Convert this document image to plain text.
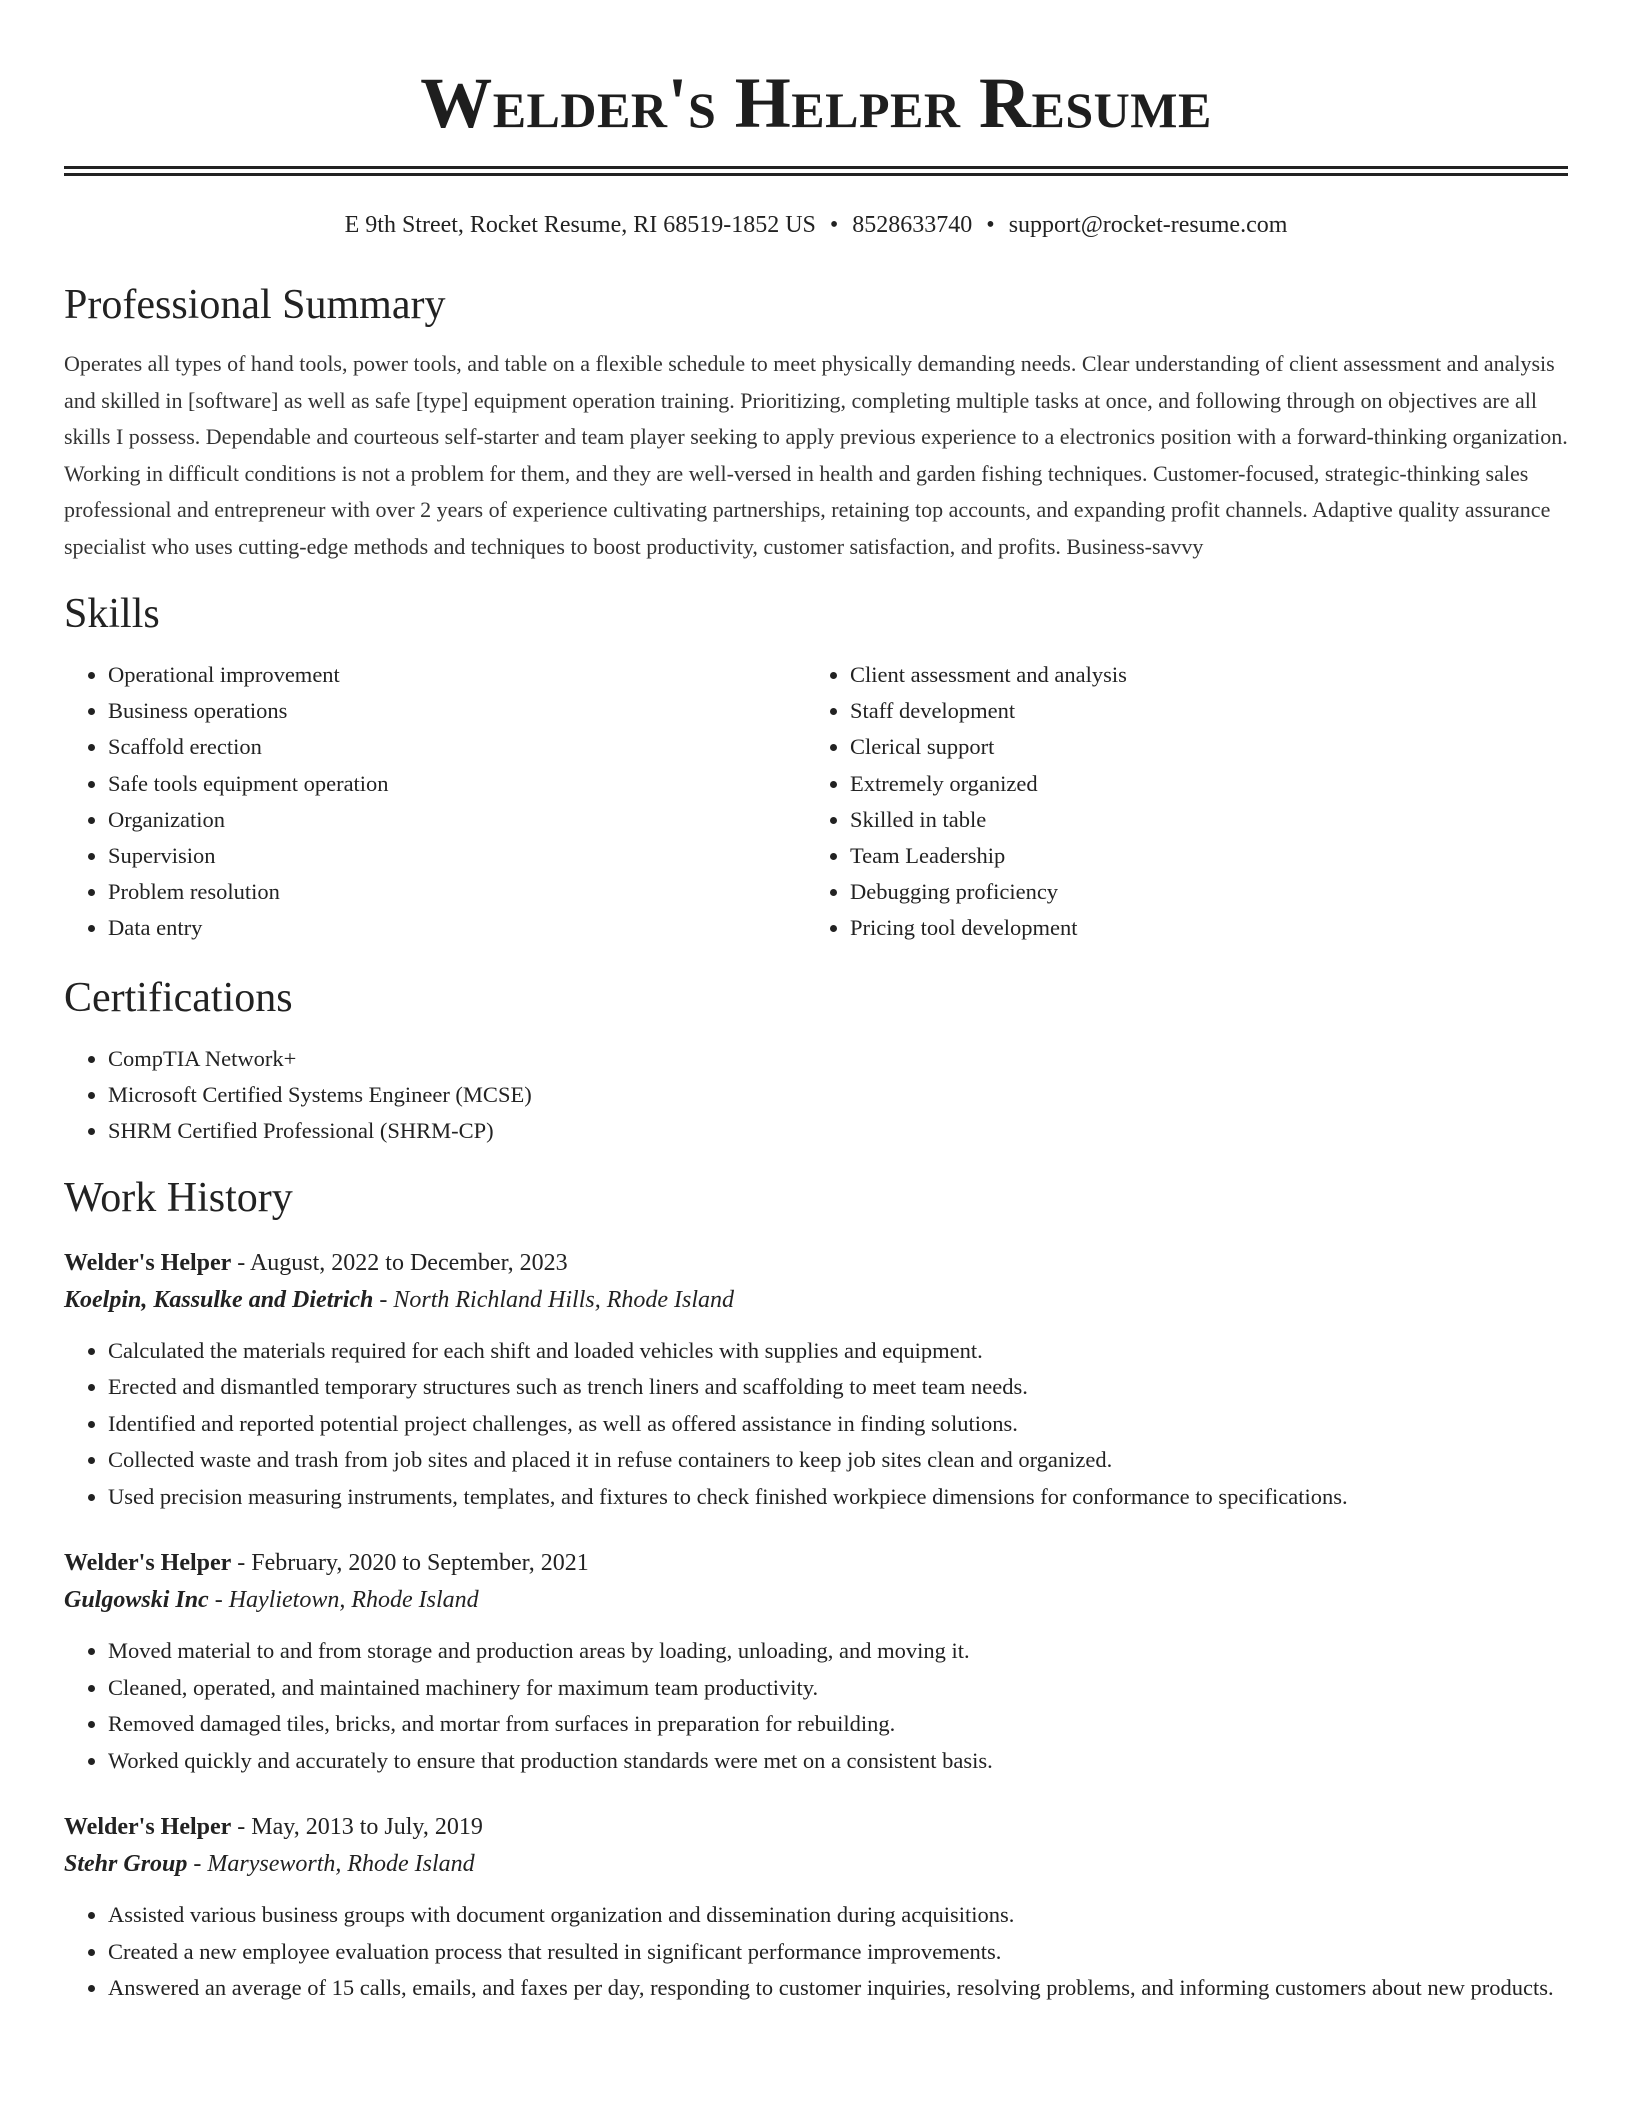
Welder's Helper Resume
E 9th Street, Rocket Resume, RI 68519-1852 US • 8528633740 • support@rocket-resume.com
Professional Summary

Operates all types of hand tools, power tools, and table on a flexible schedule to meet physically demanding needs. Clear understanding of client assessment and analysis and skilled in [software] as well as safe [type] equipment operation training. Prioritizing, completing multiple tasks at once, and following through on objectives are all skills I possess. Dependable and courteous self-starter and team player seeking to apply previous experience to a electronics position with a forward-thinking organization. Working in difficult conditions is not a problem for them, and they are well-versed in health and garden fishing techniques. Customer-focused, strategic-thinking sales professional and entrepreneur with over 2 years of experience cultivating partnerships, retaining top accounts, and expanding profit channels. Adaptive quality assurance specialist who uses cutting-edge methods and techniques to boost productivity, customer satisfaction, and profits. Business-savvy

Skills
• Operational improvement
• Business operations
• Scaffold erection
• Safe tools equipment operation
• Organization
• Supervision
• Problem resolution
• Data entry
• Client assessment and analysis
• Staff development
• Clerical support
• Extremely organized
• Skilled in table
• Team Leadership
• Debugging proficiency
• Pricing tool development
Certifications
• CompTIA Network+
• Microsoft Certified Systems Engineer (MCSE)
• SHRM Certified Professional (SHRM-CP)
Work History
Welder's Helper - August, 2022 to December, 2023
Koelpin, Kassulke and Dietrich - North Richland Hills, Rhode Island
• Calculated the materials required for each shift and loaded vehicles with supplies and equipment.
• Erected and dismantled temporary structures such as trench liners and scaffolding to meet team needs.
• Identified and reported potential project challenges, as well as offered assistance in finding solutions.
• Collected waste and trash from job sites and placed it in refuse containers to keep job sites clean and organized.
• Used precision measuring instruments, templates, and fixtures to check finished workpiece dimensions for conformance to specifications.
Welder's Helper - February, 2020 to September, 2021
Gulgowski Inc - Haylietown, Rhode Island
• Moved material to and from storage and production areas by loading, unloading, and moving it.
• Cleaned, operated, and maintained machinery for maximum team productivity.
• Removed damaged tiles, bricks, and mortar from surfaces in preparation for rebuilding.
• Worked quickly and accurately to ensure that production standards were met on a consistent basis.
Welder's Helper - May, 2013 to July, 2019
Stehr Group - Maryseworth, Rhode Island
• Assisted various business groups with document organization and dissemination during acquisitions.
• Created a new employee evaluation process that resulted in significant performance improvements.
• Answered an average of 15 calls, emails, and faxes per day, responding to customer inquiries, resolving problems, and informing customers about new products.
